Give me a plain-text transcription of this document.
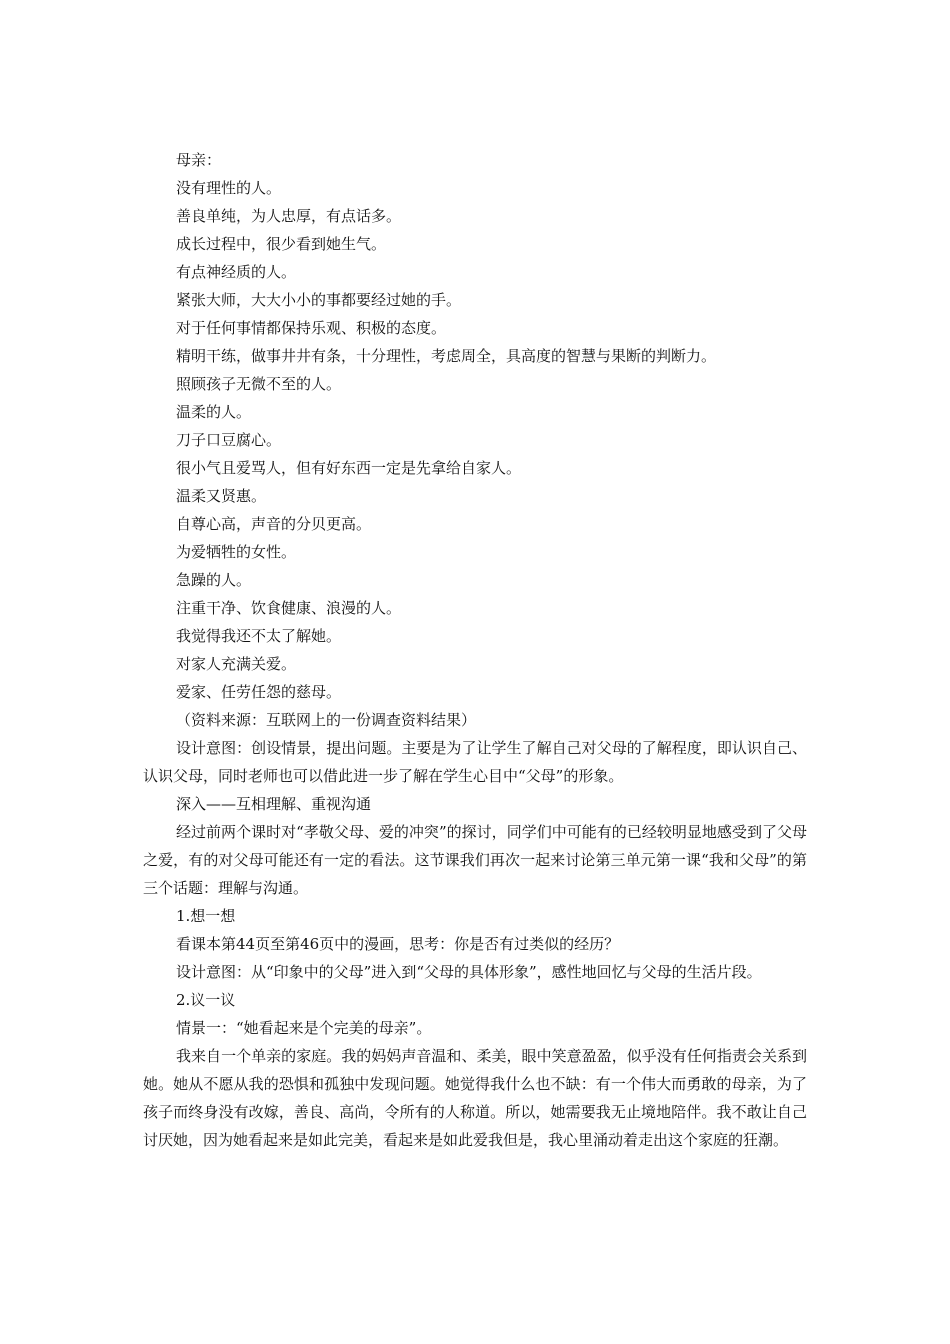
母亲：

没有理性的人。

善良单纯，为人忠厚，有点话多。

成长过程中，很少看到她生气。

有点神经质的人。

紧张大师，大大小小的事都要经过她的手。

对于任何事情都保持乐观、积极的态度。

精明干练，做事井井有条，十分理性，考虑周全，具高度的智慧与果断的判断力。

照顾孩子无微不至的人。

温柔的人。

刀子口豆腐心。

很小气且爱骂人，但有好东西一定是先拿给自家人。

温柔又贤惠。

自尊心高，声音的分贝更高。

为爱牺牲的女性。

急躁的人。

注重干净、饮食健康、浪漫的人。

我觉得我还不太了解她。

对家人充满关爱。

爱家、任劳任怨的慈母。

（资料来源：互联网上的一份调查资料结果）

设计意图：创设情景，提出问题。主要是为了让学生了解自己对父母的了解程度，即认识自己、认识父母，同时老师也可以借此进一步了解在学生心目中“父母”的形象。

深入——互相理解、重视沟通

经过前两个课时对“孝敬父母、爱的冲突”的探讨，同学们中可能有的已经较明显地感受到了父母之爱，有的对父母可能还有一定的看法。这节课我们再次一起来讨论第三单元第一课“我和父母”的第三个话题：理解与沟通。

1.想一想

看课本第44页至第46页中的漫画，思考：你是否有过类似的经历？

设计意图：从“印象中的父母”进入到“父母的具体形象”，感性地回忆与父母的生活片段。

2.议一议

情景一：“她看起来是个完美的母亲”。

我来自一个单亲的家庭。我的妈妈声音温和、柔美，眼中笑意盈盈，似乎没有任何指责会关系到她。她从不愿从我的恐惧和孤独中发现问题。她觉得我什么也不缺：有一个伟大而勇敢的母亲，为了孩子而终身没有改嫁，善良、高尚，令所有的人称道。所以，她需要我无止境地陪伴。我不敢让自己讨厌她，因为她看起来是如此完美，看起来是如此爱我但是，我心里涌动着走出这个家庭的狂潮。
